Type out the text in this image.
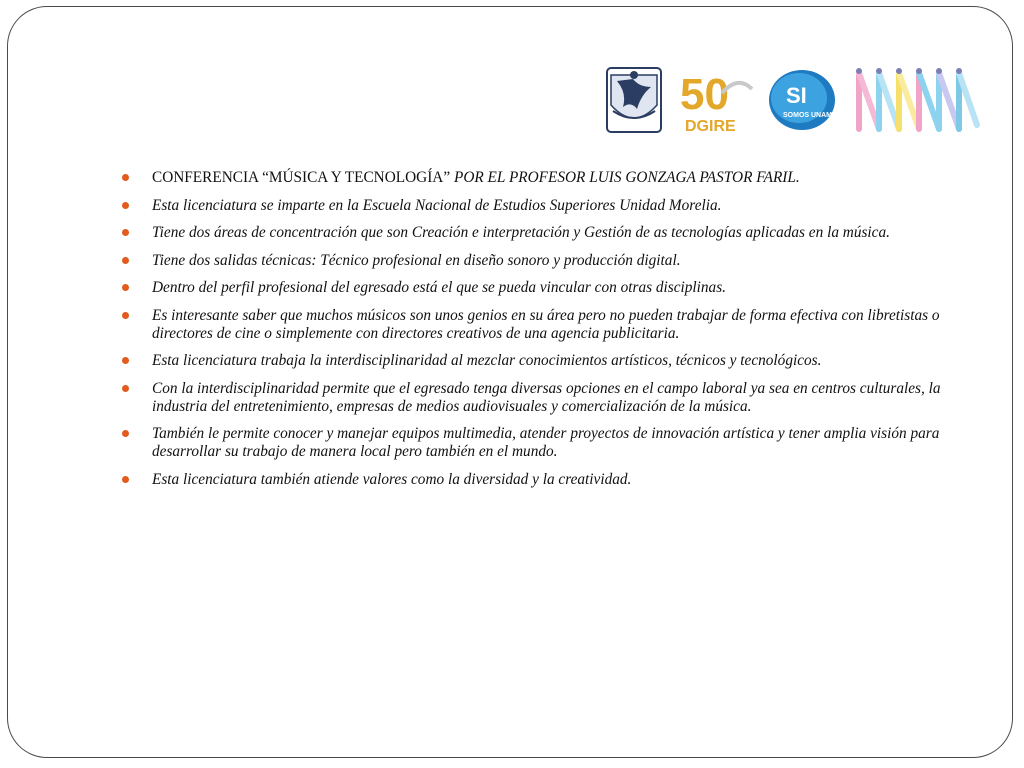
50
DGIRE
SI
SOMOS UNAM
CONFERENCIA “MÚSICA Y TECNOLOGÍA” POR EL PROFESOR LUIS GONZAGA PASTOR FARIL.
Esta licenciatura se imparte en la Escuela Nacional de Estudios Superiores Unidad Morelia.
Tiene dos áreas de concentración que son Creación e interpretación y Gestión de as tecnologías aplicadas en la música.
Tiene dos salidas técnicas: Técnico profesional en diseño sonoro y producción digital.
Dentro del perfil profesional del egresado está el que se pueda vincular con otras disciplinas.
Es interesante saber que muchos músicos son unos genios en su área pero no pueden trabajar de forma efectiva con libretistas o directores de cine o simplemente con directores creativos de una agencia publicitaria.
Esta licenciatura trabaja la interdisciplinaridad al mezclar conocimientos artísticos, técnicos y tecnológicos.
Con la interdisciplinaridad permite que el egresado tenga diversas opciones en el campo laboral ya sea en centros culturales, la industria del entretenimiento, empresas de medios audiovisuales y comercialización de la música.
También le permite conocer y manejar equipos multimedia, atender proyectos de innovación artística y tener amplia visión para desarrollar su trabajo de manera local pero también en el mundo.
Esta licenciatura también atiende valores como la diversidad y la creatividad.
